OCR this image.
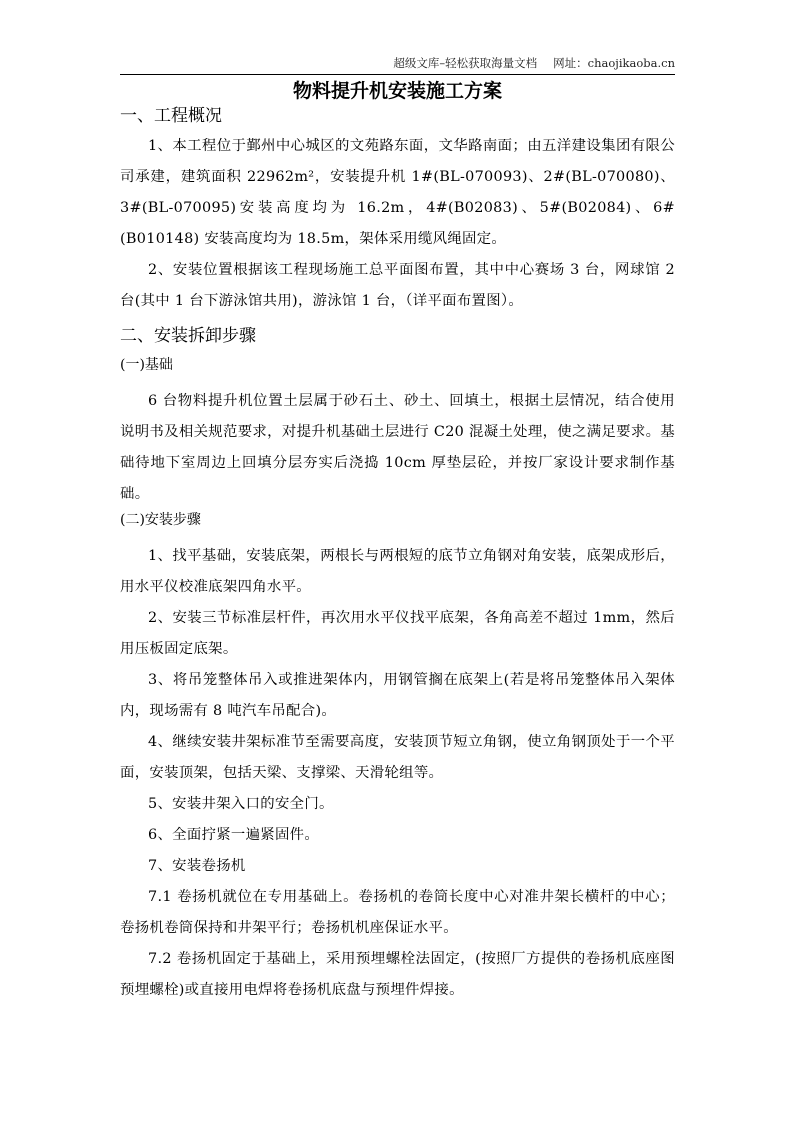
超级文库–轻松获取海量文档 网址：chaojikaoba.cn
物料提升机安装施工方案

一、工程概况

1、本工程位于鄞州中心城区的文苑路东面，文华路南面；由五洋建设集团有限公司承建，建筑面积 22962m²，安装提升机 1#(BL-070093)、2#(BL-070080)、3#(BL-070095)安装高度均为 16.2m，4#(B02083)、5#(B02084)、6#(B010148) 安装高度均为 18.5m，架体采用缆风绳固定。

2、安装位置根据该工程现场施工总平面图布置，其中中心赛场 3 台，网球馆 2 台(其中 1 台下游泳馆共用)，游泳馆 1 台，（详平面布置图）。

二、安装拆卸步骤

(一)基础

6 台物料提升机位置土层属于砂石土、砂土、回填土，根据土层情况，结合使用说明书及相关规范要求，对提升机基础土层进行 C20 混凝土处理，使之满足要求。基础待地下室周边上回填分层夯实后浇捣 10cm 厚垫层砼，并按厂家设计要求制作基础。

(二)安装步骤

1、找平基础，安装底架，两根长与两根短的底节立角钢对角安装，底架成形后，用水平仪校准底架四角水平。

2、安装三节标准层杆件，再次用水平仪找平底架，各角高差不超过 1mm，然后用压板固定底架。

3、将吊笼整体吊入或推进架体内，用钢管搁在底架上(若是将吊笼整体吊入架体内，现场需有 8 吨汽车吊配合)。

4、继续安装井架标准节至需要高度，安装顶节短立角钢，使立角钢顶处于一个平面，安装顶架，包括天梁、支撑梁、天滑轮组等。

5、安装井架入口的安全门。

6、全面拧紧一遍紧固件。

7、安装卷扬机

7.1 卷扬机就位在专用基础上。卷扬机的卷筒长度中心对准井架长横杆的中心；卷扬机卷筒保持和井架平行；卷扬机机座保证水平。

7.2 卷扬机固定于基础上，采用预埋螺栓法固定，(按照厂方提供的卷扬机底座图预埋螺栓)或直接用电焊将卷扬机底盘与预埋件焊接。
